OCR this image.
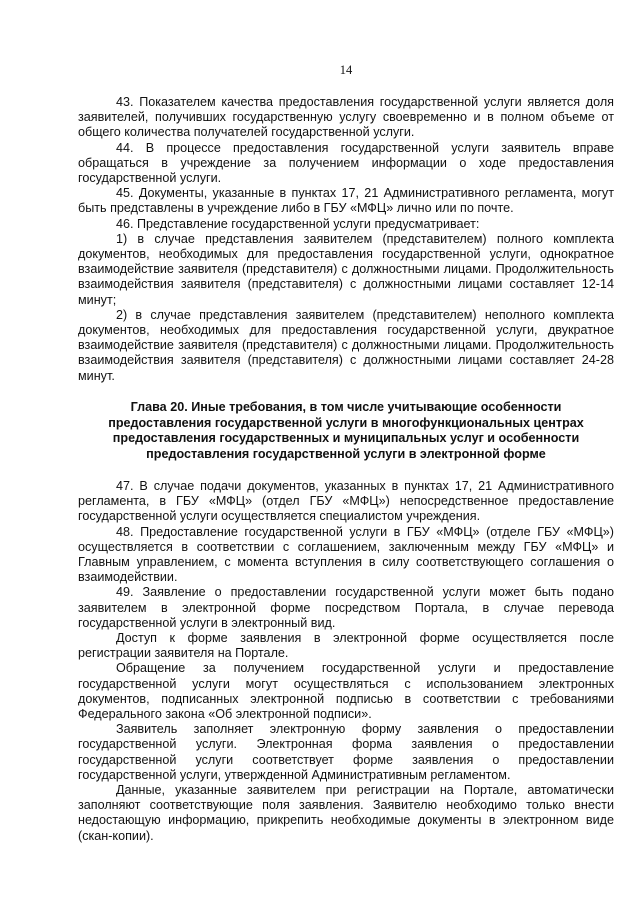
14

43. Показателем качества предоставления государственной услуги является доля заявителей, получивших государственную услугу своевременно и в полном объеме от общего количества получателей государственной услуги.

44. В процессе предоставления государственной услуги заявитель вправе обращаться в учреждение за получением информации о ходе предоставления государственной услуги.

45. Документы, указанные в пунктах 17, 21 Административного регламента, могут быть представлены в учреждение либо в ГБУ «МФЦ» лично или по почте.

46. Представление государственной услуги предусматривает:

1) в случае представления заявителем (представителем) полного комплекта документов, необходимых для предоставления государственной услуги, однократное взаимодействие заявителя (представителя) с должностными лицами. Продолжительность взаимодействия заявителя (представителя) с должностными лицами составляет 12-14 минут;

2) в случае представления заявителем (представителем) неполного комплекта документов, необходимых для предоставления государственной услуги, двукратное взаимодействие заявителя (представителя) с должностными лицами. Продолжительность взаимодействия заявителя (представителя) с должностными лицами составляет 24-28 минут.

Глава 20. Иные требования, в том числе учитывающие особенности предоставления государственной услуги в многофункциональных центрах предоставления государственных и муниципальных услуг и особенности предоставления государственной услуги в электронной форме

47. В случае подачи документов, указанных в пунктах 17, 21 Административного регламента, в ГБУ «МФЦ» (отдел ГБУ «МФЦ») непосредственное предоставление государственной услуги осуществляется специалистом учреждения.

48. Предоставление государственной услуги в ГБУ «МФЦ» (отделе ГБУ «МФЦ») осуществляется в соответствии с соглашением, заключенным между ГБУ «МФЦ» и Главным управлением, с момента вступления в силу соответствующего соглашения о взаимодействии.

49. Заявление о предоставлении государственной услуги может быть подано заявителем в электронной форме посредством Портала, в случае перевода государственной услуги в электронный вид.

Доступ к форме заявления в электронной форме осуществляется после регистрации заявителя на Портале.

Обращение за получением государственной услуги и предоставление государственной услуги могут осуществляться с использованием электронных документов, подписанных электронной подписью в соответствии с требованиями Федерального закона «Об электронной подписи».

Заявитель заполняет электронную форму заявления о предоставлении государственной услуги. Электронная форма заявления о предоставлении государственной услуги соответствует форме заявления о предоставлении государственной услуги, утвержденной Административным регламентом.

Данные, указанные заявителем при регистрации на Портале, автоматически заполняют соответствующие поля заявления. Заявителю необходимо только внести недостающую информацию, прикрепить необходимые документы в электронном виде (скан-копии).
